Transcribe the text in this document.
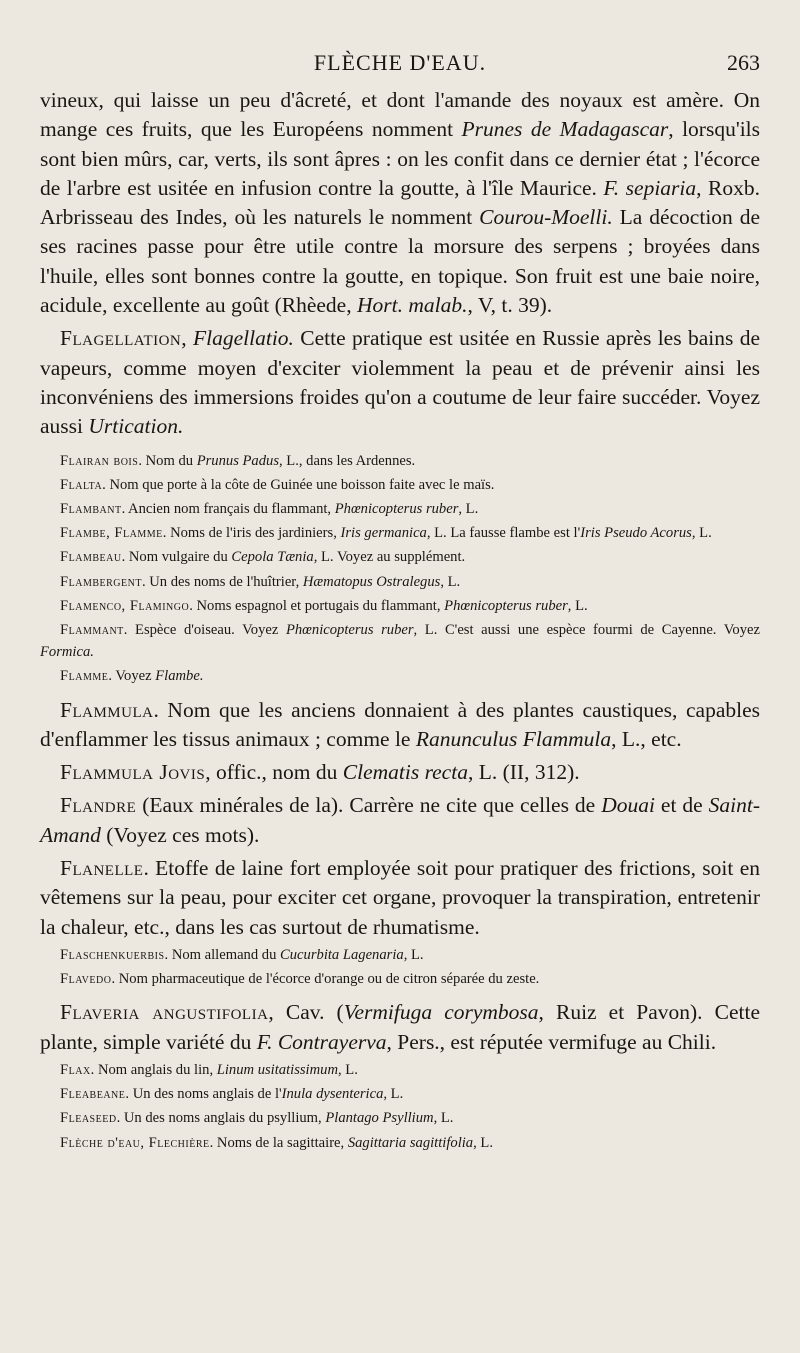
FLÈCHE D'EAU.	263

vineux, qui laisse un peu d'âcreté, et dont l'amande des noyaux est amère. On mange ces fruits, que les Européens nomment Prunes de Madagascar, lorsqu'ils sont bien mûrs, car, verts, ils sont âpres : on les confit dans ce dernier état ; l'écorce de l'arbre est usitée en infusion contre la goutte, à l'île Maurice. F. sepiaria, Roxb. Arbrisseau des Indes, où les naturels le nomment Courou-Moelli. La décoction de ses racines passe pour être utile contre la morsure des serpens ; broyées dans l'huile, elles sont bonnes contre la goutte, en topique. Son fruit est une baie noire, acidule, excellente au goût (Rhèede, Hort. malab., V, t. 39).

Flagellation, Flagellatio. Cette pratique est usitée en Russie après les bains de vapeurs, comme moyen d'exciter violemment la peau et de prévenir ainsi les inconvéniens des immersions froides qu'on a coutume de leur faire succéder. Voyez aussi Urtication.

Flairan bois. Nom du Prunus Padus, L., dans les Ardennes.

Flalta. Nom que porte à la côte de Guinée une boisson faite avec le maïs.

Flambant. Ancien nom français du flammant, Phœnicopterus ruber, L.

Flambe, Flamme. Noms de l'iris des jardiniers, Iris germanica, L. La fausse flambe est l'Iris Pseudo Acorus, L.

Flambeau. Nom vulgaire du Cepola Tænia, L. Voyez au supplément.

Flambergent. Un des noms de l'huîtrier, Hæmatopus Ostralegus, L.

Flamenco, Flamingo. Noms espagnol et portugais du flammant, Phœnicopterus ruber, L.

Flammant. Espèce d'oiseau. Voyez Phœnicopterus ruber, L. C'est aussi une espèce fourmi de Cayenne. Voyez Formica.

Flamme. Voyez Flambe.

Flammula. Nom que les anciens donnaient à des plantes caustiques, capables d'enflammer les tissus animaux ; comme le Ranunculus Flammula, L., etc.

Flammula Jovis, offic., nom du Clematis recta, L. (II, 312).

Flandre (Eaux minérales de la). Carrère ne cite que celles de Douai et de Saint-Amand (Voyez ces mots).

Flanelle. Etoffe de laine fort employée soit pour pratiquer des frictions, soit en vêtemens sur la peau, pour exciter cet organe, provoquer la transpiration, entretenir la chaleur, etc., dans les cas surtout de rhumatisme.

Flaschenkuerbis. Nom allemand du Cucurbita Lagenaria, L.

Flavedo. Nom pharmaceutique de l'écorce d'orange ou de citron séparée du zeste.

Flaveria angustifolia, Cav. (Vermifuga corymbosa, Ruiz et Pavon). Cette plante, simple variété du F. Contrayerva, Pers., est réputée vermifuge au Chili.

Flax. Nom anglais du lin, Linum usitatissimum, L.

Fleabeane. Un des noms anglais de l'Inula dysenterica, L.

Fleaseed. Un des noms anglais du psyllium, Plantago Psyllium, L.

Flèche d'eau, Flechière. Noms de la sagittaire, Sagittaria sagittifolia, L.
